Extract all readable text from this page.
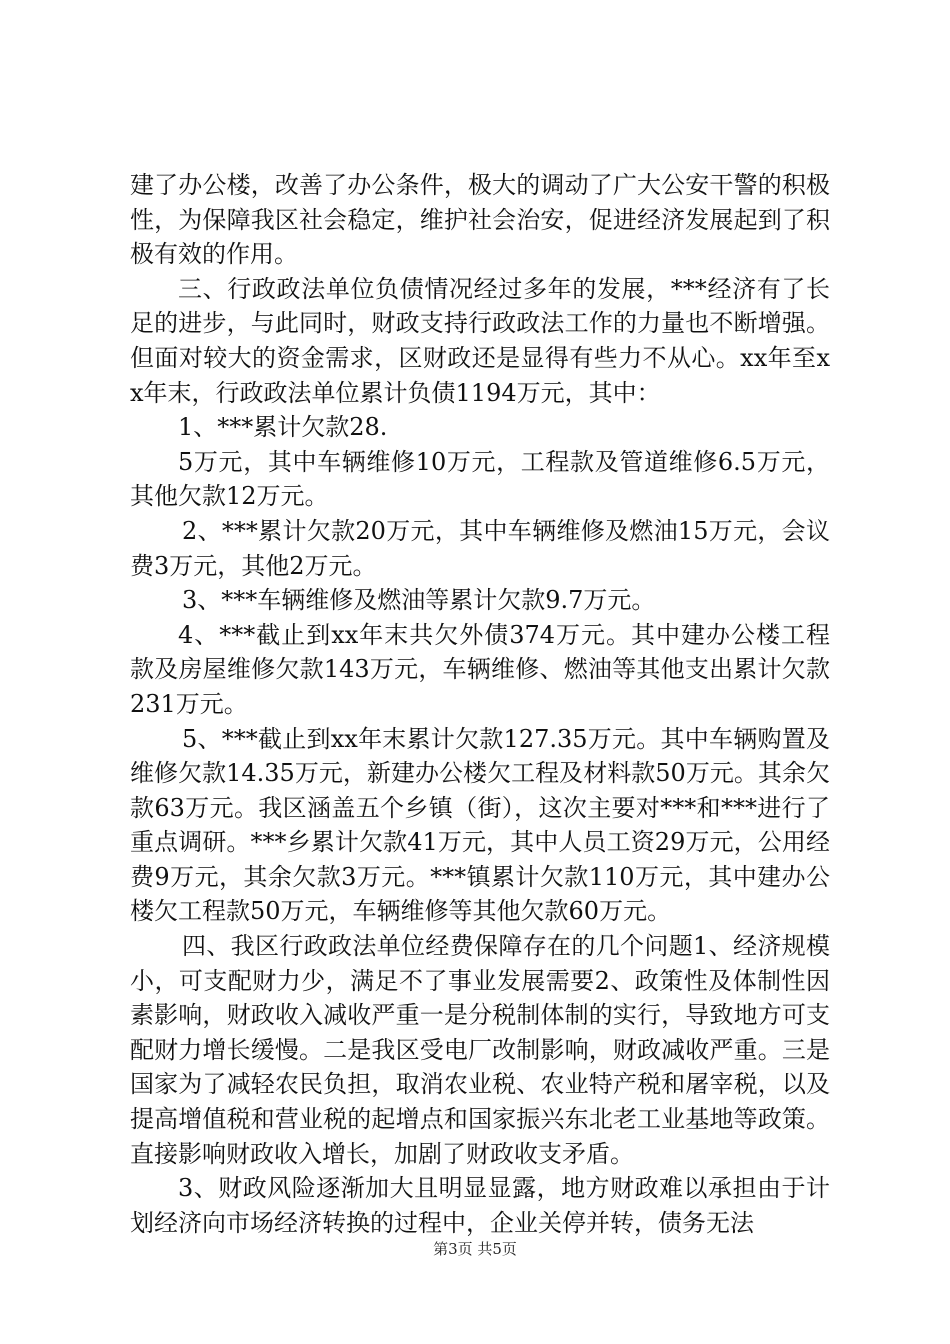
建了办公楼，改善了办公条件，极大的调动了广大公安干警的积极性，为保障我区社会稳定，维护社会治安，促进经济发展起到了积极有效的作用。

三、行政政法单位负债情况经过多年的发展，***经济有了长足的进步，与此同时，财政支持行政政法工作的力量也不断增强。但面对较大的资金需求，区财政还是显得有些力不从心。xx年至xx年末，行政政法单位累计负债1194万元，其中：

1、***累计欠款28.

5万元，其中车辆维修10万元，工程款及管道维修6.5万元，其他欠款12万元。

2、***累计欠款20万元，其中车辆维修及燃油15万元，会议费3万元，其他2万元。

3、***车辆维修及燃油等累计欠款9.7万元。

4、***截止到xx年末共欠外债374万元。其中建办公楼工程款及房屋维修欠款143万元，车辆维修、燃油等其他支出累计欠款231万元。

5、***截止到xx年末累计欠款127.35万元。其中车辆购置及维修欠款14.35万元，新建办公楼欠工程及材料款50万元。其余欠款63万元。我区涵盖五个乡镇（街），这次主要对***和***进行了重点调研。***乡累计欠款41万元，其中人员工资29万元，公用经费9万元，其余欠款3万元。***镇累计欠款110万元，其中建办公楼欠工程款50万元，车辆维修等其他欠款60万元。

四、我区行政政法单位经费保障存在的几个问题1、经济规模小，可支配财力少，满足不了事业发展需要2、政策性及体制性因素影响，财政收入减收严重一是分税制体制的实行，导致地方可支配财力增长缓慢。二是我区受电厂改制影响，财政减收严重。三是国家为了减轻农民负担，取消农业税、农业特产税和屠宰税，以及提高增值税和营业税的起增点和国家振兴东北老工业基地等政策。直接影响财政收入增长，加剧了财政收支矛盾。

3、财政风险逐渐加大且明显显露，地方财政难以承担由于计划经济向市场经济转换的过程中，企业关停并转，债务无法

第3页 共5页
